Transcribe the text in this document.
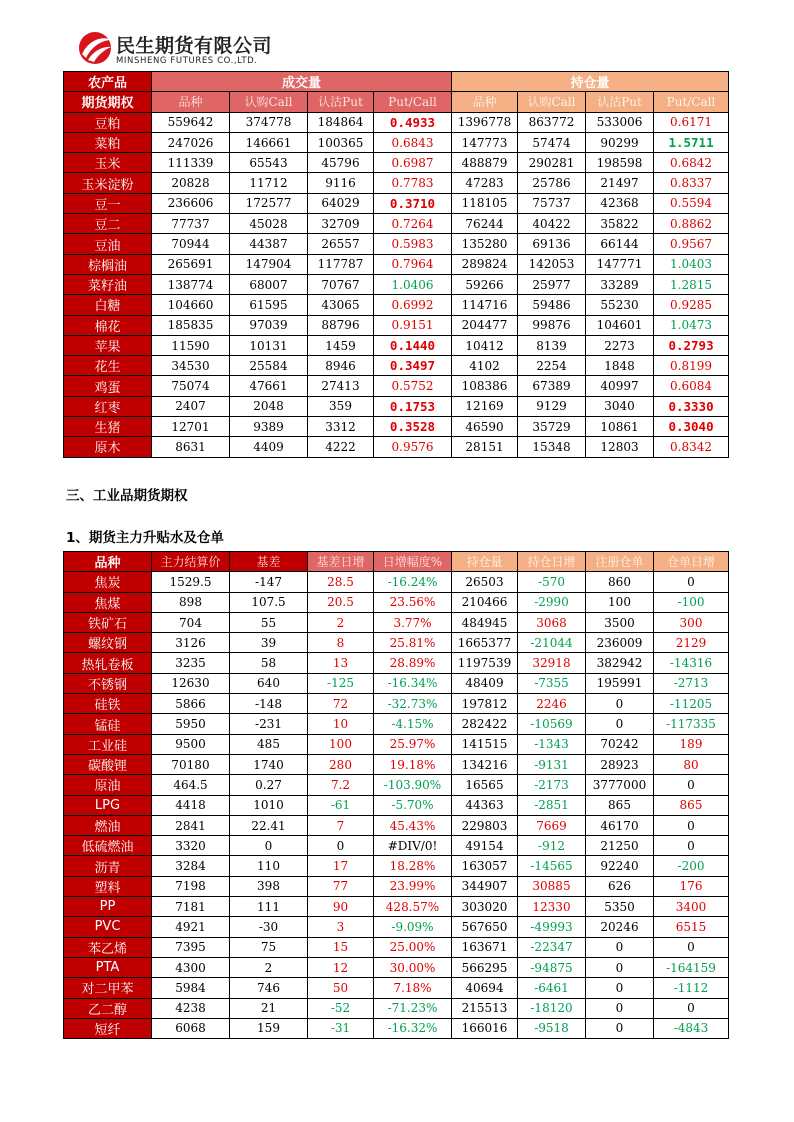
民生期货有限公司
MINSHENG FUTURES CO.,LTD.
农产品	成交量				持仓量			
期货期权	品种	认购Call	认沽Put	Put/Call	品种	认购Call	认沽Put	Put/Call
豆粕	559642	374778	184864	0.4933	1396778	863772	533006	0.6171
菜粕	247026	146661	100365	0.6843	147773	57474	90299	1.5711
玉米	111339	65543	45796	0.6987	488879	290281	198598	0.6842
玉米淀粉	20828	11712	9116	0.7783	47283	25786	21497	0.8337
豆一	236606	172577	64029	0.3710	118105	75737	42368	0.5594
豆二	77737	45028	32709	0.7264	76244	40422	35822	0.8862
豆油	70944	44387	26557	0.5983	135280	69136	66144	0.9567
棕榈油	265691	147904	117787	0.7964	289824	142053	147771	1.0403
菜籽油	138774	68007	70767	1.0406	59266	25977	33289	1.2815
白糖	104660	61595	43065	0.6992	114716	59486	55230	0.9285
棉花	185835	97039	88796	0.9151	204477	99876	104601	1.0473
苹果	11590	10131	1459	0.1440	10412	8139	2273	0.2793
花生	34530	25584	8946	0.3497	4102	2254	1848	0.8199
鸡蛋	75074	47661	27413	0.5752	108386	67389	40997	0.6084
红枣	2407	2048	359	0.1753	12169	9129	3040	0.3330
生猪	12701	9389	3312	0.3528	46590	35729	10861	0.3040
原木	8631	4409	4222	0.9576	28151	15348	12803	0.8342
三、工业品期货期权
1、期货主力升贴水及仓单
品种	主力结算价	基差	基差日增	日增幅度%	持仓量	持仓日增	注册仓单	仓单日增
焦炭	1529.5	-147	28.5	-16.24%	26503	-570	860	0
焦煤	898	107.5	20.5	23.56%	210466	-2990	100	-100
铁矿石	704	55	2	3.77%	484945	3068	3500	300
螺纹钢	3126	39	8	25.81%	1665377	-21044	236009	2129
热轧卷板	3235	58	13	28.89%	1197539	32918	382942	-14316
不锈钢	12630	640	-125	-16.34%	48409	-7355	195991	-2713
硅铁	5866	-148	72	-32.73%	197812	2246	0	-11205
锰硅	5950	-231	10	-4.15%	282422	-10569	0	-117335
工业硅	9500	485	100	25.97%	141515	-1343	70242	189
碳酸锂	70180	1740	280	19.18%	134216	-9131	28923	80
原油	464.5	0.27	7.2	-103.90%	16565	-2173	3777000	0
LPG	4418	1010	-61	-5.70%	44363	-2851	865	865
燃油	2841	22.41	7	45.43%	229803	7669	46170	0
低硫燃油	3320	0	0	#DIV/0!	49154	-912	21250	0
沥青	3284	110	17	18.28%	163057	-14565	92240	-200
塑料	7198	398	77	23.99%	344907	30885	626	176
PP	7181	111	90	428.57%	303020	12330	5350	3400
PVC	4921	-30	3	-9.09%	567650	-49993	20246	6515
苯乙烯	7395	75	15	25.00%	163671	-22347	0	0
PTA	4300	2	12	30.00%	566295	-94875	0	-164159
对二甲苯	5984	746	50	7.18%	40694	-6461	0	-1112
乙二醇	4238	21	-52	-71.23%	215513	-18120	0	0
短纤	6068	159	-31	-16.32%	166016	-9518	0	-4843
